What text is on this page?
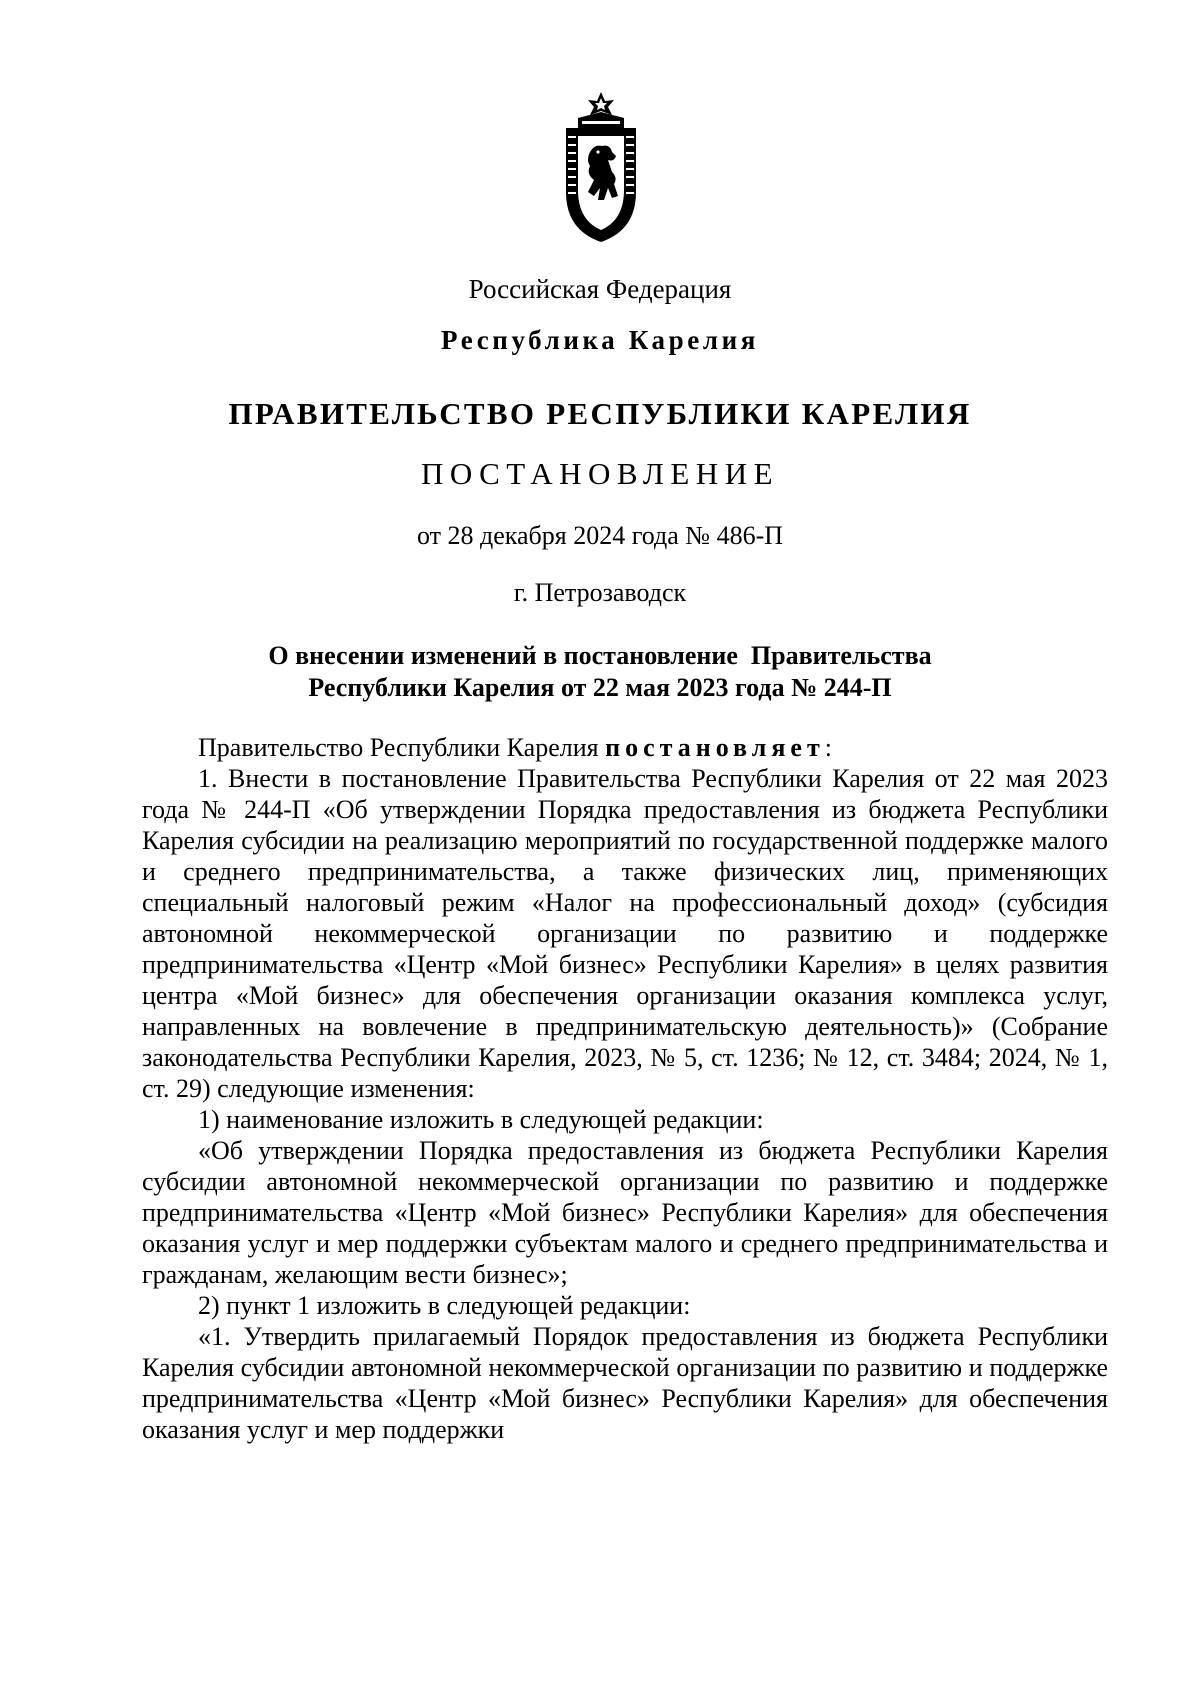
Российская Федерация
Республика Карелия
ПРАВИТЕЛЬСТВО РЕСПУБЛИКИ КАРЕЛИЯ
ПОСТАНОВЛЕНИЕ
от 28 декабря 2024 года № 486-П
г. Петрозаводск
О внесении изменений в постановление  Правительства
Республики Карелия от 22 мая 2023 года № 244-П

Правительство Республики Карелия постановляет:

1. Внести в постановление Правительства Республики Карелия от 22 мая 2023 года № 244-П «Об утверждении Порядка предоставления из бюджета Республики Карелия субсидии на реализацию мероприятий по государственной поддержке малого и среднего предпринимательства, а также физических лиц, применяющих специальный налоговый режим «Налог на профессиональный доход» (субсидия автономной некоммерческой организации по развитию и поддержке предпринимательства «Центр «Мой бизнес» Республики Карелия» в целях развития центра «Мой бизнес» для обеспечения организации оказания комплекса услуг, направленных на вовлечение в предпринимательскую деятельность)» (Собрание законодательства Республики Карелия, 2023, № 5, ст. 1236; № 12, ст. 3484; 2024, № 1, ст. 29) следующие изменения:

1) наименование изложить в следующей редакции:

«Об утверждении Порядка предоставления из бюджета Республики Карелия субсидии автономной некоммерческой организации по развитию и поддержке предпринимательства «Центр «Мой бизнес» Республики Карелия» для обеспечения оказания услуг и мер поддержки субъектам малого и среднего предпринимательства и гражданам, желающим вести бизнес»;

2) пункт 1 изложить в следующей редакции:

«1. Утвердить прилагаемый Порядок предоставления из бюджета Республики Карелия субсидии автономной некоммерческой организации по развитию и поддержке предпринимательства «Центр «Мой бизнес» Республики Карелия» для обеспечения оказания услуг и мер поддержки
